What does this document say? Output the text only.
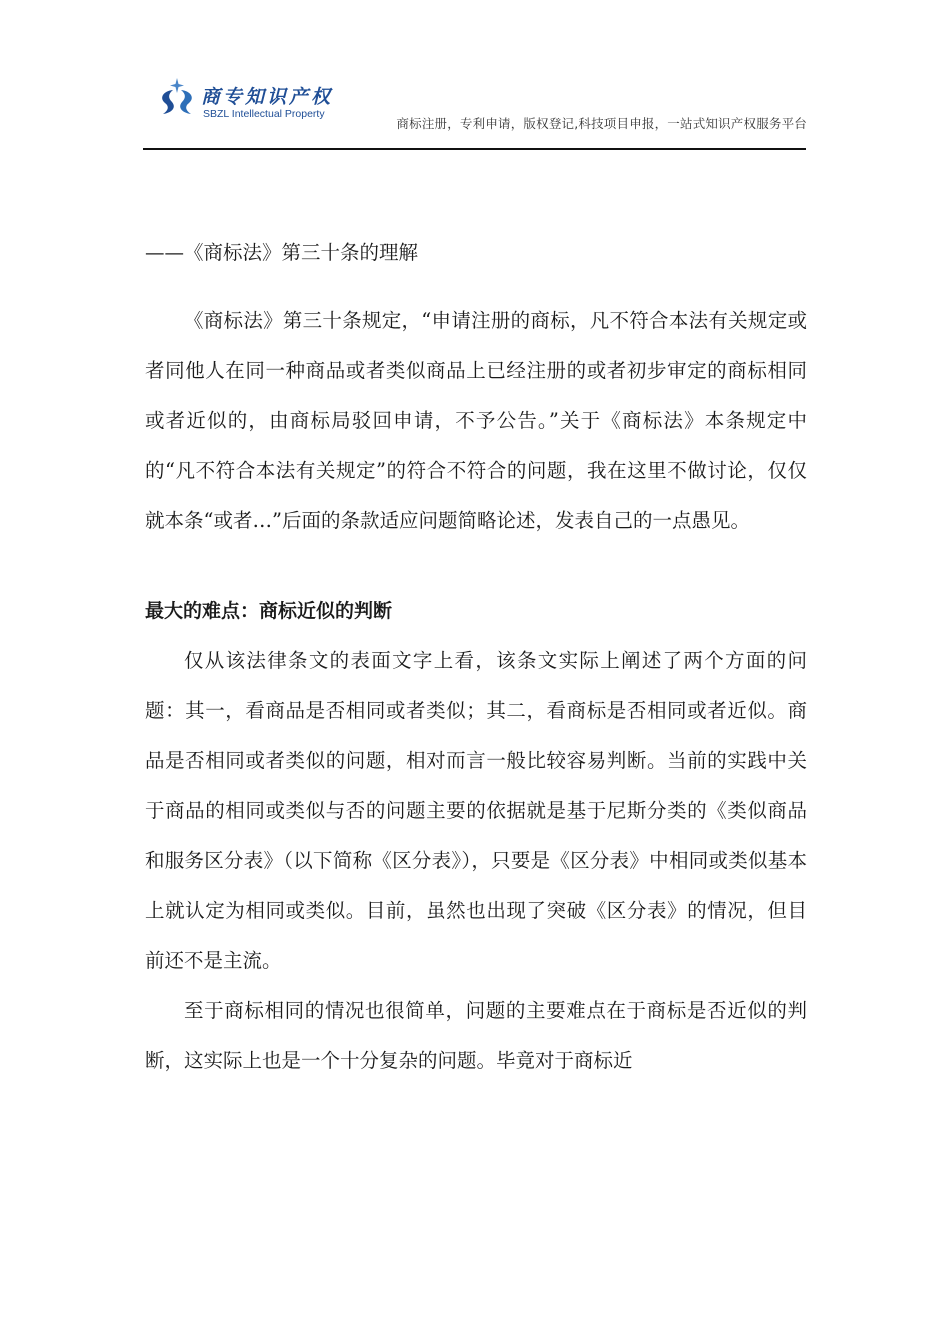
商专知识产权
SBZL Intellectual Property
商标注册，专利申请，版权登记,科技项目申报，一站式知识产权服务平台

——《商标法》第三十条的理解

《商标法》第三十条规定，“申请注册的商标，凡不符合本法有关规定或者同他人在同一种商品或者类似商品上已经注册的或者初步审定的商标相同或者近似的，由商标局驳回申请，不予公告。”关于《商标法》本条规定中的“凡不符合本法有关规定”的符合不符合的问题，我在这里不做讨论，仅仅就本条“或者…”后面的条款适应问题简略论述，发表自己的一点愚见。

最大的难点：商标近似的判断

仅从该法律条文的表面文字上看，该条文实际上阐述了两个方面的问题：其一，看商品是否相同或者类似；其二，看商标是否相同或者近似。商品是否相同或者类似的问题，相对而言一般比较容易判断。当前的实践中关于商品的相同或类似与否的问题主要的依据就是基于尼斯分类的《类似商品和服务区分表》（以下简称《区分表》），只要是《区分表》中相同或类似基本上就认定为相同或类似。目前，虽然也出现了突破《区分表》的情况，但目前还不是主流。

至于商标相同的情况也很简单，问题的主要难点在于商标是否近似的判断，这实际上也是一个十分复杂的问题。毕竟对于商标近
